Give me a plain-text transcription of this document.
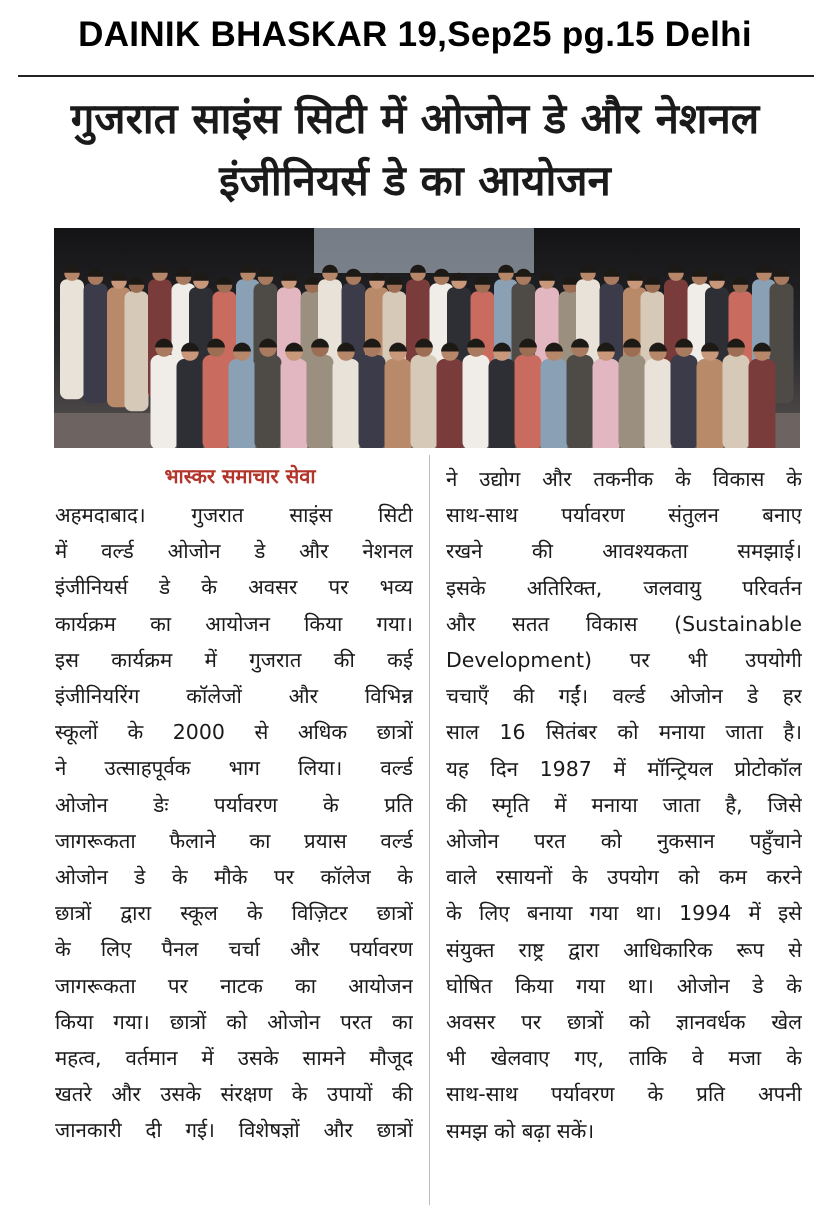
DAINIK BHASKAR 19,Sep25 pg.15 Delhi
गुजरात साइंस सिटी में ओजोन डे और नेशनल
इंजीनियर्स डे का आयोजन
भास्कर समाचार सेवा
अहमदाबाद। गुजरात साइंस सिटी
में वर्ल्ड ओजोन डे और नेशनल
इंजीनियर्स डे के अवसर पर भव्य
कार्यक्रम का आयोजन किया गया।
इस कार्यक्रम में गुजरात की कई
इंजीनियरिंग कॉलेजों और विभिन्न
स्कूलों के 2000 से अधिक छात्रों
ने उत्साहपूर्वक भाग लिया। वर्ल्ड
ओजोन डेः पर्यावरण के प्रति
जागरूकता फैलाने का प्रयास वर्ल्ड
ओजोन डे के मौके पर कॉलेज के
छात्रों द्वारा स्कूल के विज़िटर छात्रों
के लिए पैनल चर्चा और पर्यावरण
जागरूकता पर नाटक का आयोजन
किया गया। छात्रों को ओजोन परत का
महत्व, वर्तमान में उसके सामने मौजूद
खतरे और उसके संरक्षण के उपायों की
जानकारी दी गई। विशेषज्ञों और छात्रों
ने उद्योग और तकनीक के विकास के
साथ-साथ पर्यावरण संतुलन बनाए
रखने की आवश्यकता समझाई।
इसके अतिरिक्त, जलवायु परिवर्तन
और सतत विकास (Sustainable
Development) पर भी उपयोगी
चचाएँ की गईं। वर्ल्ड ओजोन डे हर
साल 16 सितंबर को मनाया जाता है।
यह दिन 1987 में मॉन्ट्रियल प्रोटोकॉल
की स्मृति में मनाया जाता है, जिसे
ओजोन परत को नुकसान पहुँचाने
वाले रसायनों के उपयोग को कम करने
के लिए बनाया गया था। 1994 में इसे
संयुक्त राष्ट्र द्वारा आधिकारिक रूप से
घोषित किया गया था। ओजोन डे के
अवसर पर छात्रों को ज्ञानवर्धक खेल
भी खेलवाए गए, ताकि वे मजा के
साथ-साथ पर्यावरण के प्रति अपनी
समझ को बढ़ा सकें।
